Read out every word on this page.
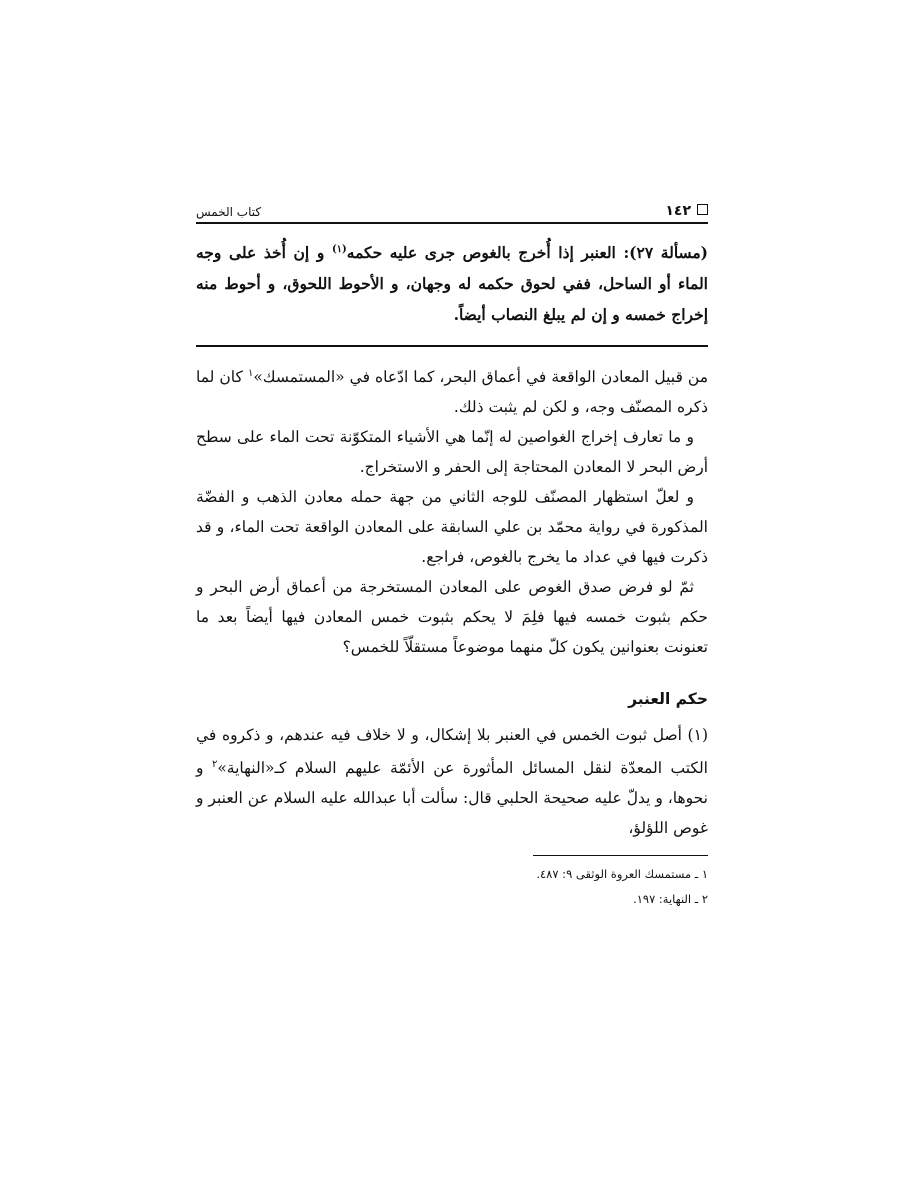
١٤٢
كتاب الخمس

(مسألة ٢٧): العنبر إذا أُخرج بالغوص جرى عليه حكمه$^{(١)}$ و إن أُخذ على وجه الماء أو الساحل، ففي لحوق حكمه له وجهان، و الأحوط اللحوق، و أحوط منه إخراج خمسه و إن لم يبلغ النصاب أيضاً.

من قبيل المعادن الواقعة في أعماق البحر، كما ادّعاه في «المستمسك»$^١$ كان لما ذكره المصنّف وجه، و لكن لم يثبت ذلك.

و ما تعارف إخراج الغواصين له إنّما هي الأشياء المتكوّنة تحت الماء على سطح أرض البحر لا المعادن المحتاجة إلى الحفر و الاستخراج.

و لعلّ استظهار المصنّف للوجه الثاني من جهة حمله معادن الذهب و الفضّة المذكورة في رواية محمّد بن علي السابقة على المعادن الواقعة تحت الماء، و قد ذكرت فيها في عداد ما يخرج بالغوص، فراجع.

ثمّ لو فرض صدق الغوص على المعادن المستخرجة من أعماق أرض البحر و حكم بثبوت خمسه فيها فلِمَ لا يحكم بثبوت خمس المعادن فيها أيضاً بعد ما تعنونت بعنوانين يكون كلّ منهما موضوعاً مستقلّاً للخمس؟

حكم العنبر
(١) أصل ثبوت الخمس في العنبر بلا إشكال، و لا خلاف فيه عندهم، و ذكروه في الكتب المعدّة لنقل المسائل المأثورة عن الأئمّة عليهم السلام كـ«النهاية»$^٢$ و نحوها، و يدلّ عليه صحيحة الحلبي قال: سألت أبا عبدالله عليه السلام عن العنبر و غوص اللؤلؤ،
١ ـ مستمسك العروة الوثقى ٩: ٤٨٧.
٢ ـ النهاية: ١٩٧.
